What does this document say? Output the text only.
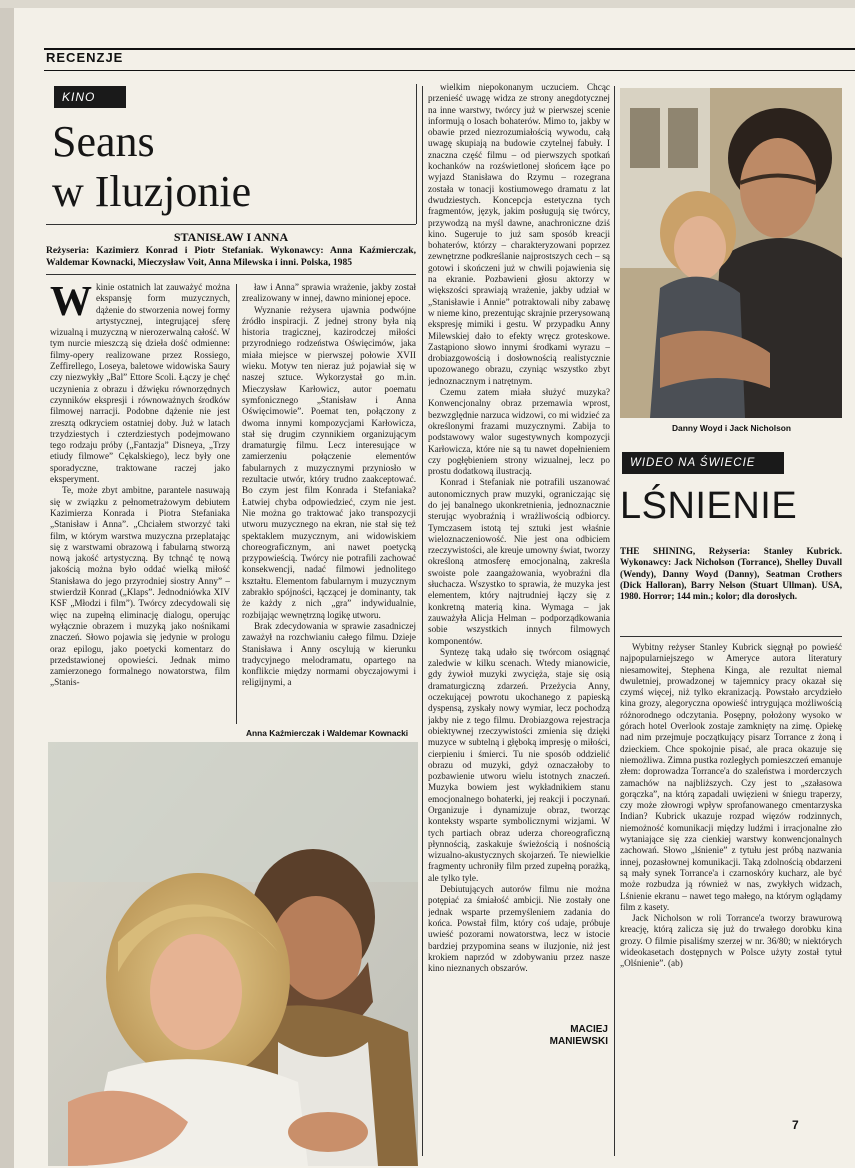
RECENZJE
KINO
Seans
w Iluzjonie
STANISŁAW I ANNA
Reżyseria: Kazimierz Konrad i Piotr Stefaniak. Wykonawcy: Anna Kaźmierczak, Waldemar Kownacki, Mieczysław Voit, Anna Milewska i inni. Polska, 1985
W kinie ostatnich lat zauważyć można ekspansję form muzycznych, dążenie do stworzenia nowej formy artystycznej, integrującej sferę wizualną i muzyczną w nierozerwalną całość. W tym nurcie mieszczą się dzieła dość odmienne: filmy-opery realizowane przez Rossiego, Zeffirellego, Loseya, baletowe widowiska Saury czy niezwykły „Bal” Ettore Scoli. Łączy je chęć uczynienia z obrazu i dźwięku równorzędnych czynników ekspresji i równoważnych środków filmowej narracji. Podobne dążenie nie jest zresztą odkryciem ostatniej doby. Już w latach trzydziestych i czterdziestych podejmowano tego rodzaju próby („Fantazja” Disneya, „Trzy etiudy filmowe” Cękalskiego), lecz były one sporadyczne, traktowane raczej jako eksperyment.

Te, może zbyt ambitne, parantele nasuwają się w związku z pełnometrażowym debiutem Kazimierza Konrada i Piotra Stefaniaka „Stanisław i Anna”. „Chciałem stworzyć taki film, w którym warstwa muzyczna przeplatając się z warstwami obrazową i fabularną stworzą nową jakość artystyczną. By tchnąć tę nową jakością można było oddać wielką miłość Stanisława do jego przyrodniej siostry Anny” – stwierdził Konrad („Klaps”. Jednodniówka XIV KSF „Młodzi i film”). Twórcy zdecydowali się więc na zupełną eliminację dialogu, operując wyłącznie obrazem i muzyką jako nośnikami znaczeń. Słowo pojawia się jedynie w prologu oraz epilogu, jako poetycki komentarz do przedstawionej opowieści. Jednak mimo zamierzonego formalnego nowatorstwa, film „Stanis-

ław i Anna” sprawia wrażenie, jakby został zrealizowany w innej, dawno minionej epoce.

Wyznanie reżysera ujawnia podwójne źródło inspiracji. Z jednej strony była nią historia tragicznej, kazirodczej miłości przyrodniego rodzeństwa Oświęcimów, jaka miała miejsce w pierwszej połowie XVII wieku. Motyw ten nieraz już pojawiał się w naszej sztuce. Wykorzystał go m.in. Mieczysław Karłowicz, autor poematu symfonicznego „Stanisław i Anna Oświęcimowie”. Poemat ten, połączony z dwoma innymi kompozycjami Karłowicza, stał się drugim czynnikiem organizującym dramaturgię filmu. Lecz interesujące w zamierzeniu połączenie elementów fabularnych z muzycznymi przyniosło w rezultacie utwór, który trudno zaakceptować. Bo czym jest film Konrada i Stefaniaka? Łatwiej chyba odpowiedzieć, czym nie jest. Nie można go traktować jako transpozycji utworu muzycznego na ekran, nie stał się też spektaklem muzycznym, ani widowiskiem choreograficznym, ani nawet poetycką przypowieścią. Twórcy nie potrafili zachować konsekwencji, nadać filmowi jednolitego kształtu. Elementom fabularnym i muzycznym zabrakło spójności, łączącej je dominanty, tak że każdy z nich „gra” indywidualnie, rozbijając wewnętrzną logikę utworu.

Brak zdecydowania w sprawie zasadniczej zaważył na rozchwianiu całego filmu. Dzieje Stanisława i Anny oscylują w kierunku tradycyjnego melodramatu, opartego na konflikcie między normami obyczajowymi i religijnymi, a

Anna Kaźmierczak i Waldemar Kownacki

wielkim niepokonanym uczuciem. Chcąc przenieść uwagę widza ze strony anegdotycznej na inne warstwy, twórcy już w pierwszej scenie informują o losach bohaterów. Mimo to, jakby w obawie przed niezrozumiałością wywodu, całą uwagę skupiają na budowie czytelnej fabuły. I znaczna część filmu – od pierwszych spotkań kochanków na rozświetlonej słońcem łące po wyjazd Stanisława do Rzymu – rozegrana została w tonacji kostiumowego dramatu z lat dwudziestych. Koncepcja estetyczna tych fragmentów, język, jakim posługują się twórcy, przywodzą na myśl dawne, anachroniczne dziś kino. Sugeruje to już sam sposób kreacji bohaterów, którzy – charakteryzowani poprzez zewnętrzne podkreślanie najprostszych cech – są gotowi i skończeni już w chwili pojawienia się na ekranie. Pozbawieni głosu aktorzy w większości sprawiają wrażenie, jakby udział w „Stanisławie i Annie” potraktowali niby zabawę w nieme kino, prezentując skrajnie przerysowaną ekspresję mimiki i gestu. W przypadku Anny Milewskiej dało to efekty wręcz groteskowe. Zastąpiono słowo innymi środkami wyrazu – drobiazgowością i dosłownością realistycznie upozowanego obrazu, czyniąc wszystko zbyt jednoznacznym i natrętnym.

Czemu zatem miała służyć muzyka? Konwencjonalny obraz przemawia wprost, bezwzględnie narzuca widzowi, co mi widzieć za określonymi frazami muzycznymi. Zabija to podstawowy walor sugestywnych kompozycji Karłowicza, które nie są tu nawet dopełnieniem czy pogłębieniem strony wizualnej, lecz po prostu dodatkową ilustracją.

Konrad i Stefaniak nie potrafili uszanować autonomicznych praw muzyki, ograniczając się do jej banalnego ukonkretnienia, jednoznacznie sterując wyobraźnią i wrażliwością odbiorcy. Tymczasem istotą tej sztuki jest właśnie wieloznaczeniowość. Nie jest ona odbiciem rzeczywistości, ale kreuje umowny świat, tworzy określoną atmosferę emocjonalną, zakreśla swoiste pole zaangażowania, wyobraźni dla słuchacza. Wszystko to sprawia, że muzyka jest elementem, który najtrudniej łączy się z konkretną materią kina. Wymaga – jak zauważyła Alicja Helman – podporządkowania sobie wszystkich innych filmowych komponentów.

Syntezę taką udało się twórcom osiągnąć zaledwie w kilku scenach. Wtedy mianowicie, gdy żywioł muzyki zwycięża, staje się osią dramaturgiczną zdarzeń. Przeżycia Anny, oczekującej powrotu ukochanego z papieską dyspensą, zyskały nowy wymiar, lecz pochodzą jakby nie z tego filmu. Drobiazgowa rejestracja obiektywnej rzeczywistości zmienia się dzięki muzyce w subtelną i głęboką impresję o miłości, cierpieniu i śmierci. Tu nie sposób oddzielić obrazu od muzyki, gdyż oznaczałoby to pozbawienie utworu wielu istotnych znaczeń. Muzyka bowiem jest wykładnikiem stanu emocjonalnego bohaterki, jej reakcji i poczynań. Organizuje i dynamizuje obraz, tworząc konteksty wsparte symbolicznymi wizjami. W tych partiach obraz uderza choreograficzną płynnością, zaskakuje świeżością i nośnością wizualno-akustycznych skojarzeń. Te niewielkie fragmenty uchroniły film przed zupełną porażką, ale tylko tyle.

Debiutujących autorów filmu nie można potępiać za śmiałość ambicji. Nie zostały one jednak wsparte przemyśleniem zadania do końca. Powstał film, który coś udaje, próbuje uwieść pozorami nowatorstwa, lecz w istocie bardziej przypomina seans w iluzjonie, niż jest krokiem naprzód w zdobywaniu przez nasze kino nieznanych obszarów.

MACIEJ
MANIEWSKI
Danny Woyd i Jack Nicholson
WIDEO NA ŚWIECIE
LŚNIENIE
THE SHINING, Reżyseria: Stanley Kubrick. Wykonawcy: Jack Nicholson (Torrance), Shelley Duvall (Wendy), Danny Woyd (Danny), Seatman Crothers (Dick Halloran), Barry Nelson (Stuart Ullman). USA, 1980. Horror; 144 min.; kolor; dla dorosłych.

Wybitny reżyser Stanley Kubrick sięgnął po powieść najpopularniejszego w Ameryce autora literatury niesamowitej, Stephena Kinga, ale rezultat niemal dwuletniej, prowadzonej w tajemnicy pracy okazał się czymś więcej, niż tylko ekranizacją. Powstało arcydzieło kina grozy, alegoryczna opowieść intrygująca możliwością różnorodnego odczytania. Posępny, położony wysoko w górach hotel Overlook zostaje zamknięty na zimę. Opiekę nad nim przejmuje początkujący pisarz Torrance z żoną i dzieckiem. Chce spokojnie pisać, ale praca okazuje się niemożliwa. Zimna pustka rozległych pomieszczeń emanuje złem: doprowadza Torrance'a do szaleństwa i morderczych zamachów na najbliższych. Czy jest to „szałasowa gorączka”, na którą zapadali uwięzieni w śniegu traperzy, czy może złowrogi wpływ sprofanowanego cmentarzyska Indian? Kubrick ukazuje rozpad więzów rodzinnych, niemożność komunikacji między ludźmi i irracjonalne zło wytaniające się zza cienkiej warstwy konwencjonalnych zachowań. Słowo „lśnienie” z tytułu jest próbą nazwania innej, pozasłownej komunikacji. Taką zdolnością obdarzeni są mały synek Torrance'a i czarnoskóry kucharz, ale być może rozbudza ją również w nas, zwykłych widzach, Lśnienie ekranu – nawet tego małego, na którym oglądamy film z kasety.

Jack Nicholson w roli Torrance'a tworzy brawurową kreację, którą zalicza się już do trwałego dorobku kina grozy. O filmie pisaliśmy szerzej w nr. 36/80; w niektórych wideokasetach dostępnych w Polsce użyty został tytuł „Olśnienie”. (ab)

7
